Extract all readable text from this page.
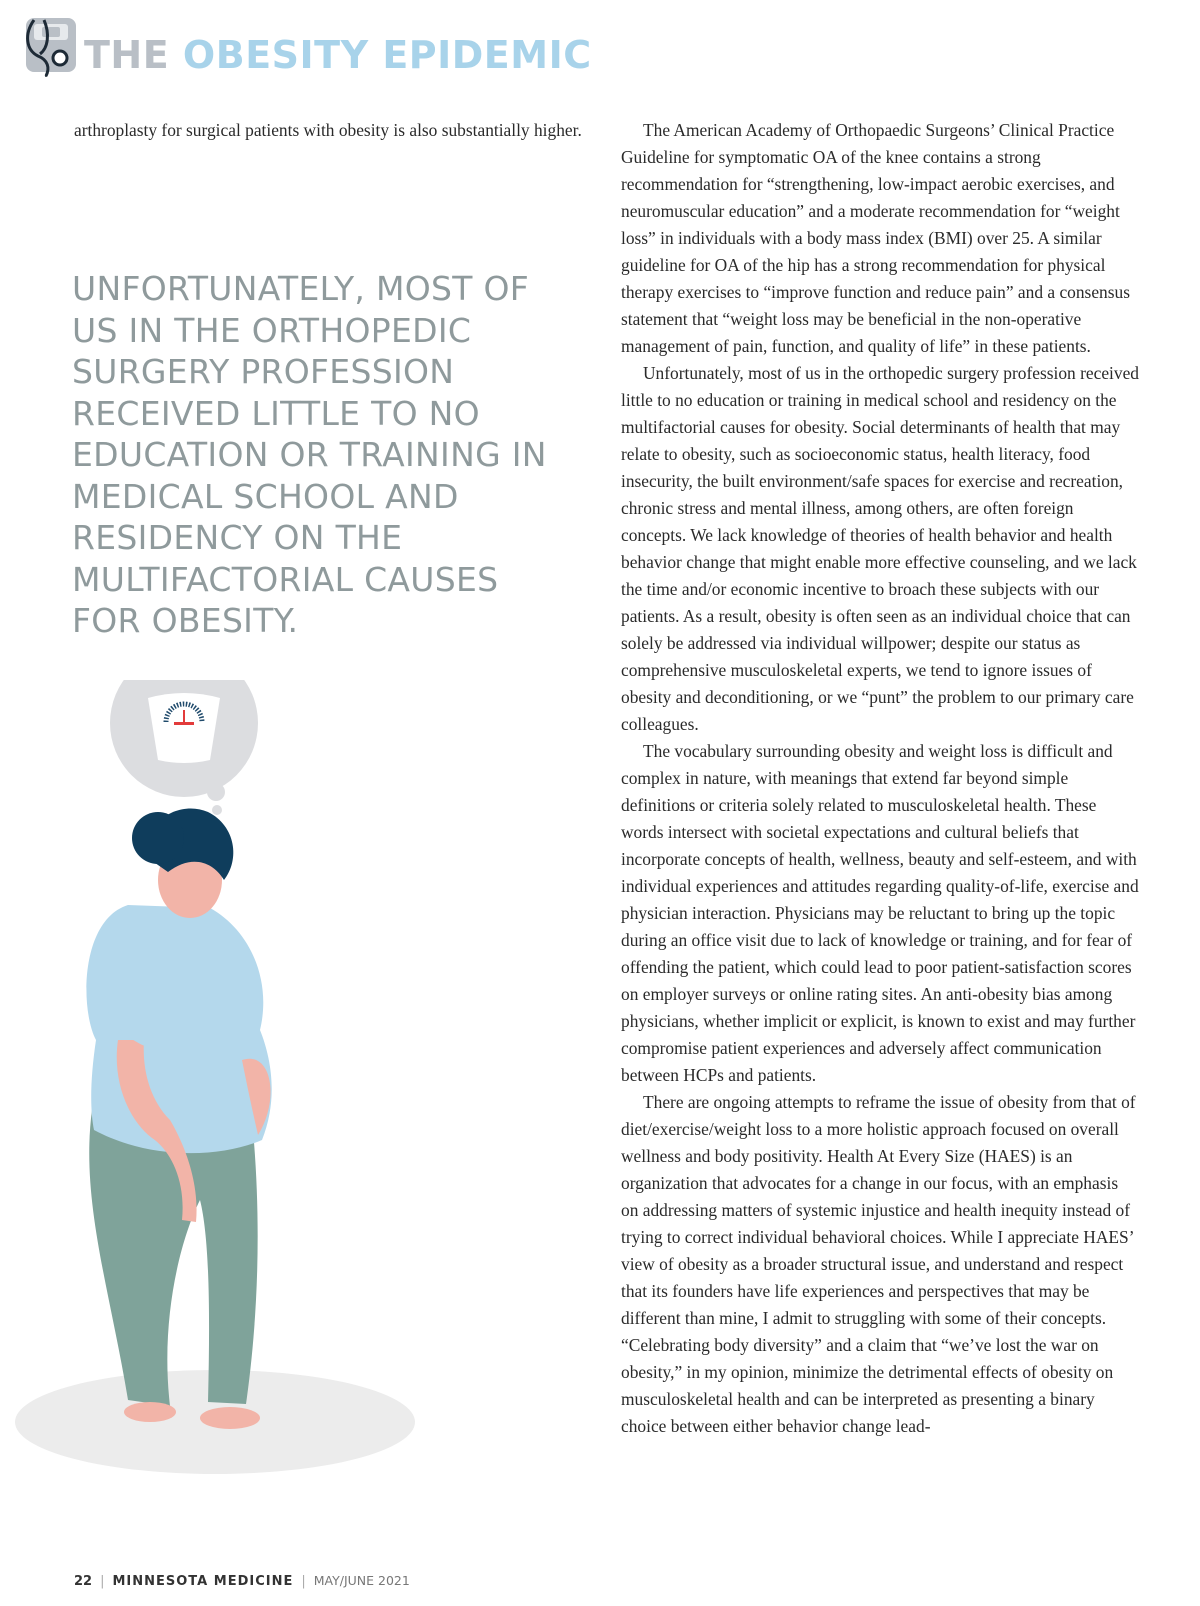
THE OBESITY EPIDEMIC
arthroplasty for surgical patients with obesity is also substantially higher.
UNFORTUNATELY, MOST OF US IN THE ORTHOPEDIC SURGERY PROFESSION RECEIVED LITTLE TO NO EDUCATION OR TRAINING IN MEDICAL SCHOOL AND RESIDENCY ON THE MULTIFACTORIAL CAUSES FOR OBESITY.

The American Academy of Orthopaedic Surgeons’ Clinical Practice Guideline for symptomatic OA of the knee contains a strong recommendation for “strengthening, low-impact aerobic exercises, and neuromuscular education” and a moderate recommendation for “weight loss” in individuals with a body mass index (BMI) over 25. A similar guideline for OA of the hip has a strong recommendation for physical therapy exercises to “improve function and reduce pain” and a consensus statement that “weight loss may be beneficial in the non-operative management of pain, function, and quality of life” in these patients.

Unfortunately, most of us in the orthopedic surgery profession received little to no education or training in medical school and residency on the multifactorial causes for obesity. Social determinants of health that may relate to obesity, such as socioeconomic status, health literacy, food insecurity, the built environment/safe spaces for exercise and recreation, chronic stress and mental illness, among others, are often foreign concepts. We lack knowledge of theories of health behavior and health behavior change that might enable more effective counseling, and we lack the time and/or economic incentive to broach these subjects with our patients. As a result, obesity is often seen as an individual choice that can solely be addressed via individual willpower; despite our status as comprehensive musculoskeletal experts, we tend to ignore issues of obesity and deconditioning, or we “punt” the problem to our primary care colleagues.

The vocabulary surrounding obesity and weight loss is difficult and complex in nature, with meanings that extend far beyond simple definitions or criteria solely related to musculoskeletal health. These words intersect with societal expectations and cultural beliefs that incorporate concepts of health, wellness, beauty and self-esteem, and with individual experiences and attitudes regarding quality-of-life, exercise and physician interaction. Physicians may be reluctant to bring up the topic during an office visit due to lack of knowledge or training, and for fear of offending the patient, which could lead to poor patient-satisfaction scores on employer surveys or online rating sites. An anti-obesity bias among physicians, whether implicit or explicit, is known to exist and may further compromise patient experiences and adversely affect communication between HCPs and patients.

There are ongoing attempts to reframe the issue of obesity from that of diet/exercise/weight loss to a more holistic approach focused on overall wellness and body positivity. Health At Every Size (HAES) is an organization that advocates for a change in our focus, with an emphasis on addressing matters of systemic injustice and health inequity instead of trying to correct individual behavioral choices. While I appreciate HAES’ view of obesity as a broader structural issue, and understand and respect that its founders have life experiences and perspectives that may be different than mine, I admit to struggling with some of their concepts. “Celebrating body diversity” and a claim that “we’ve lost the war on obesity,” in my opinion, minimize the detrimental effects of obesity on musculoskeletal health and can be interpreted as presenting a binary choice between either behavior change lead-

22 | MINNESOTA MEDICINE | MAY/JUNE 2021
